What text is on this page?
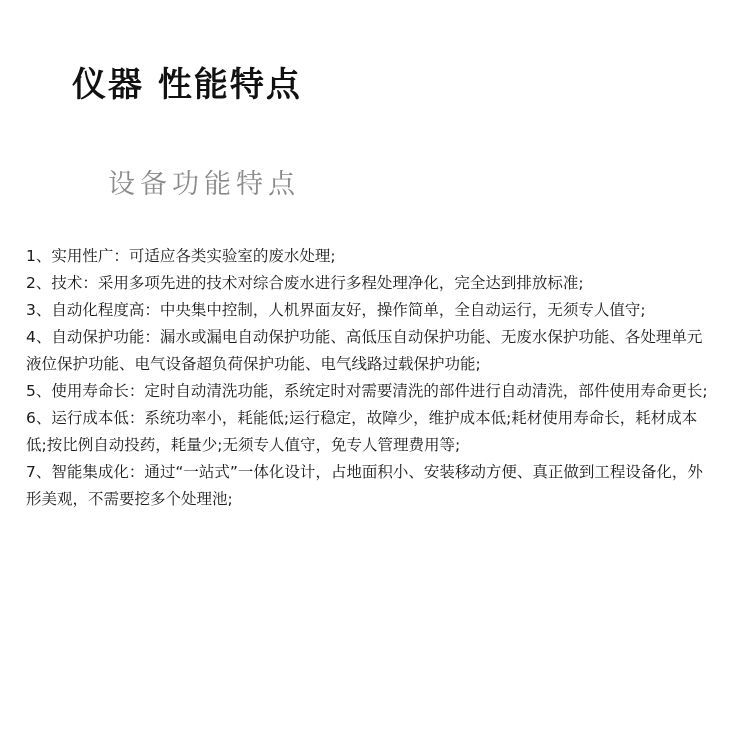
仪器 性能特点
设备功能特点
1、实用性广：可适应各类实验室的废水处理;
2、技术：采用多项先进的技术对综合废水进行多程处理净化，完全达到排放标准;
3、自动化程度高：中央集中控制，人机界面友好，操作简单，全自动运行，无须专人值守;
4、自动保护功能：漏水或漏电自动保护功能、高低压自动保护功能、无废水保护功能、各处理单元液位保护功能、电气设备超负荷保护功能、电气线路过载保护功能;
5、使用寿命长：定时自动清洗功能，系统定时对需要清洗的部件进行自动清洗，部件使用寿命更长;
6、运行成本低：系统功率小，耗能低;运行稳定，故障少，维护成本低;耗材使用寿命长，耗材成本低;按比例自动投药，耗量少;无须专人值守，免专人管理费用等;
7、智能集成化：通过“一站式”一体化设计，占地面积小、安装移动方便、真正做到工程设备化，外形美观，不需要挖多个处理池;
